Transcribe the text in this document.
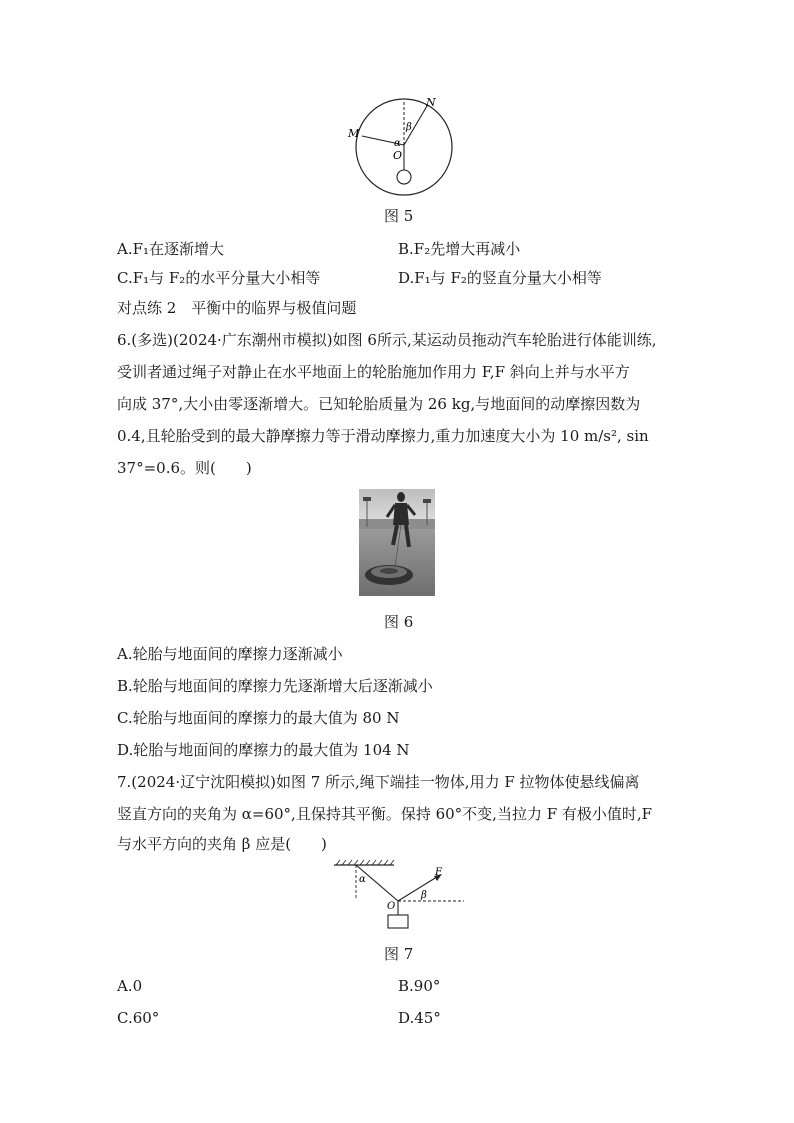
N
M
O
α
β
图 5
A.F₁在逐渐增大	B.F₂先增大再减小
C.F₁与 F₂的水平分量大小相等	D.F₁与 F₂的竖直分量大小相等
对点练 2　平衡中的临界与极值问题
6.(多选)(2024·广东潮州市模拟)如图 6所示,某运动员拖动汽车轮胎进行体能训练,
受训者通过绳子对静止在水平地面上的轮胎施加作用力 F,F 斜向上并与水平方
向成 37°,大小由零逐渐增大。已知轮胎质量为 26 kg,与地面间的动摩擦因数为
0.4,且轮胎受到的最大静摩擦力等于滑动摩擦力,重力加速度大小为 10 m/s², sin
37°=0.6。则(　　)
图 6
A.轮胎与地面间的摩擦力逐渐减小
B.轮胎与地面间的摩擦力先逐渐增大后逐渐减小
C.轮胎与地面间的摩擦力的最大值为 80 N
D.轮胎与地面间的摩擦力的最大值为 104 N
7.(2024·辽宁沈阳模拟)如图 7 所示,绳下端挂一物体,用力 F 拉物体使悬线偏离
竖直方向的夹角为 α=60°,且保持其平衡。保持 60°不变,当拉力 F 有极小值时,F
与水平方向的夹角 β 应是(　　)
α
F
O
β
图 7
A.0	B.90°
C.60°	D.45°
